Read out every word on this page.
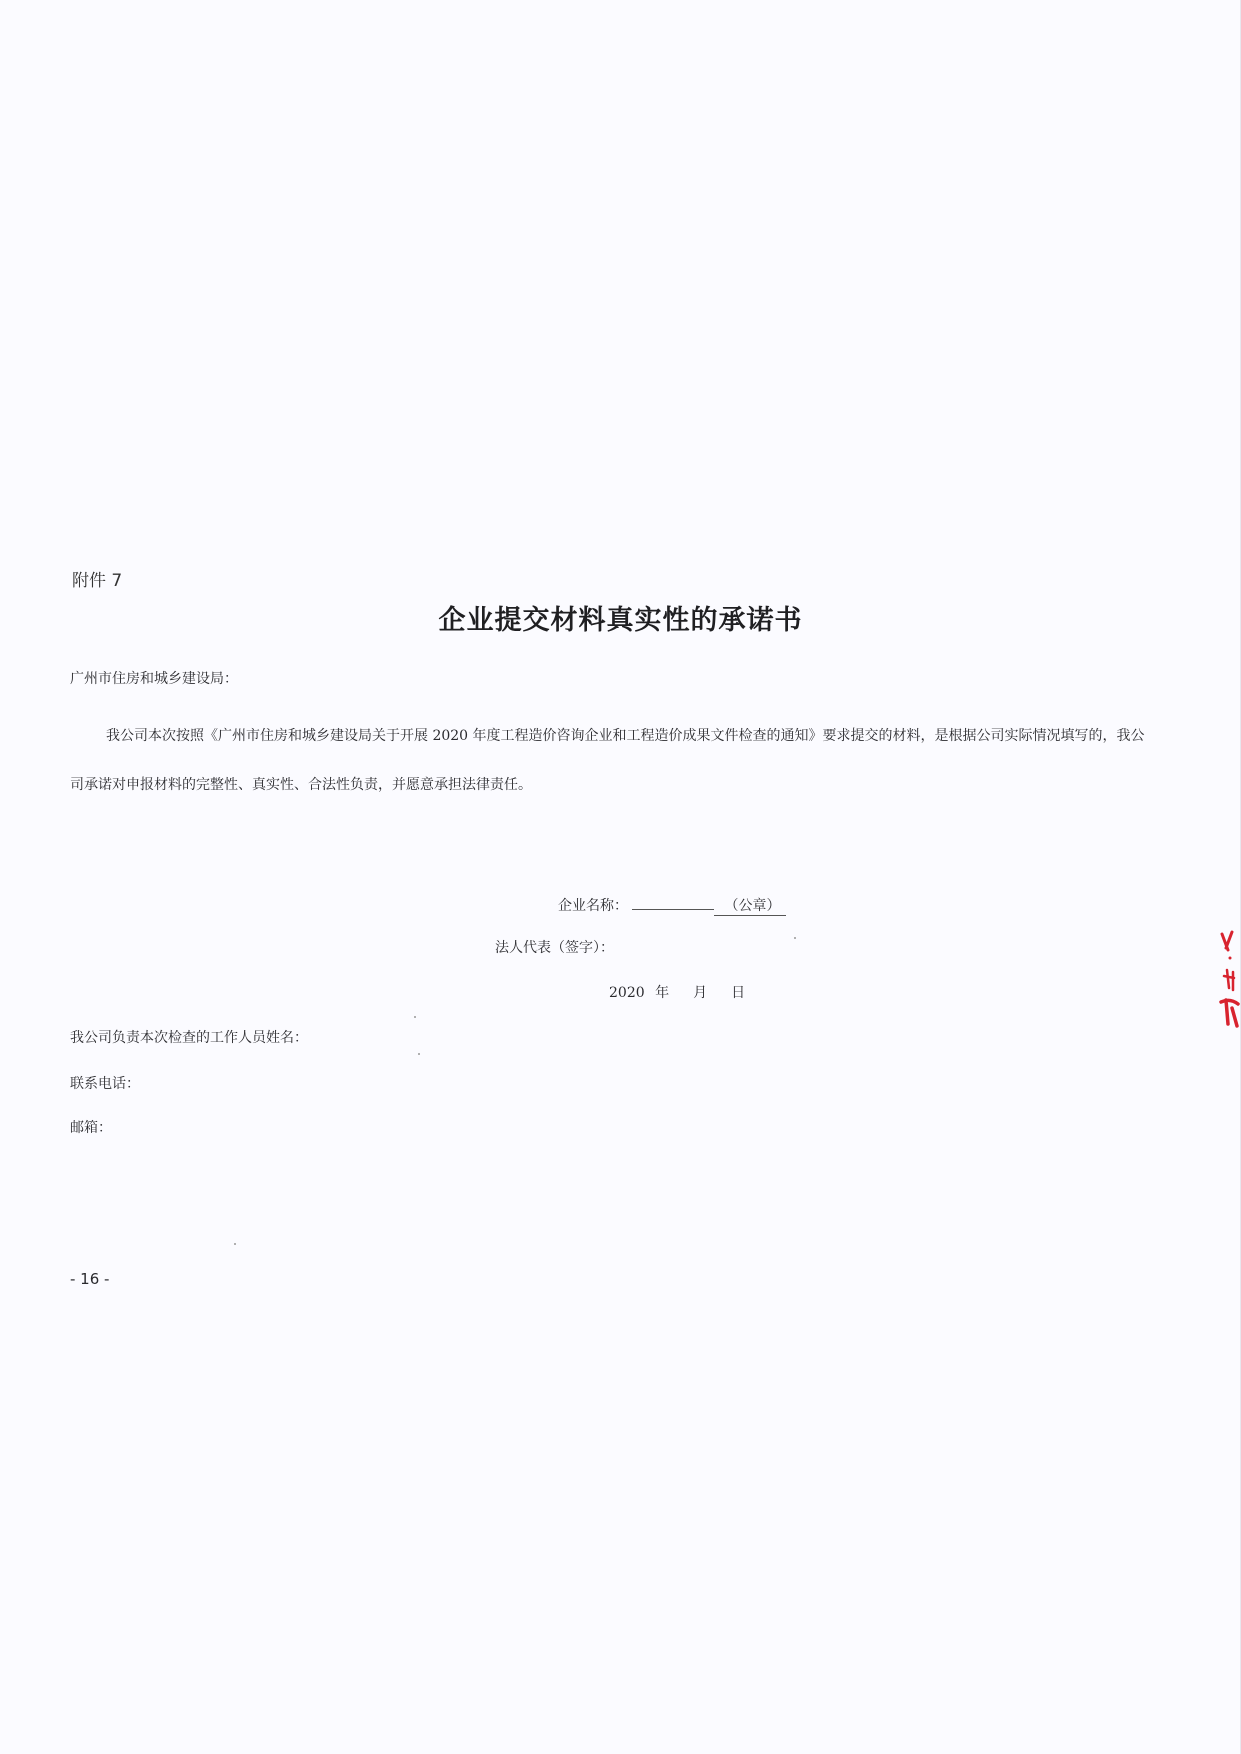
附件 7
企业提交材料真实性的承诺书
广州市住房和城乡建设局：
我公司本次按照《广州市住房和城乡建设局关于开展 2020 年度工程造价咨询企业和工程造价成果文件检查的通知》要求提交的材料，是根据公司实际情况填写的，我公司承诺对申报材料的完整性、真实性、合法性负责，并愿意承担法律责任。
企业名称：	（公章）
法人代表（签字）：
2020 年 月 日
我公司负责本次检查的工作人员姓名：
联系电话：
邮箱：
- 16 -
